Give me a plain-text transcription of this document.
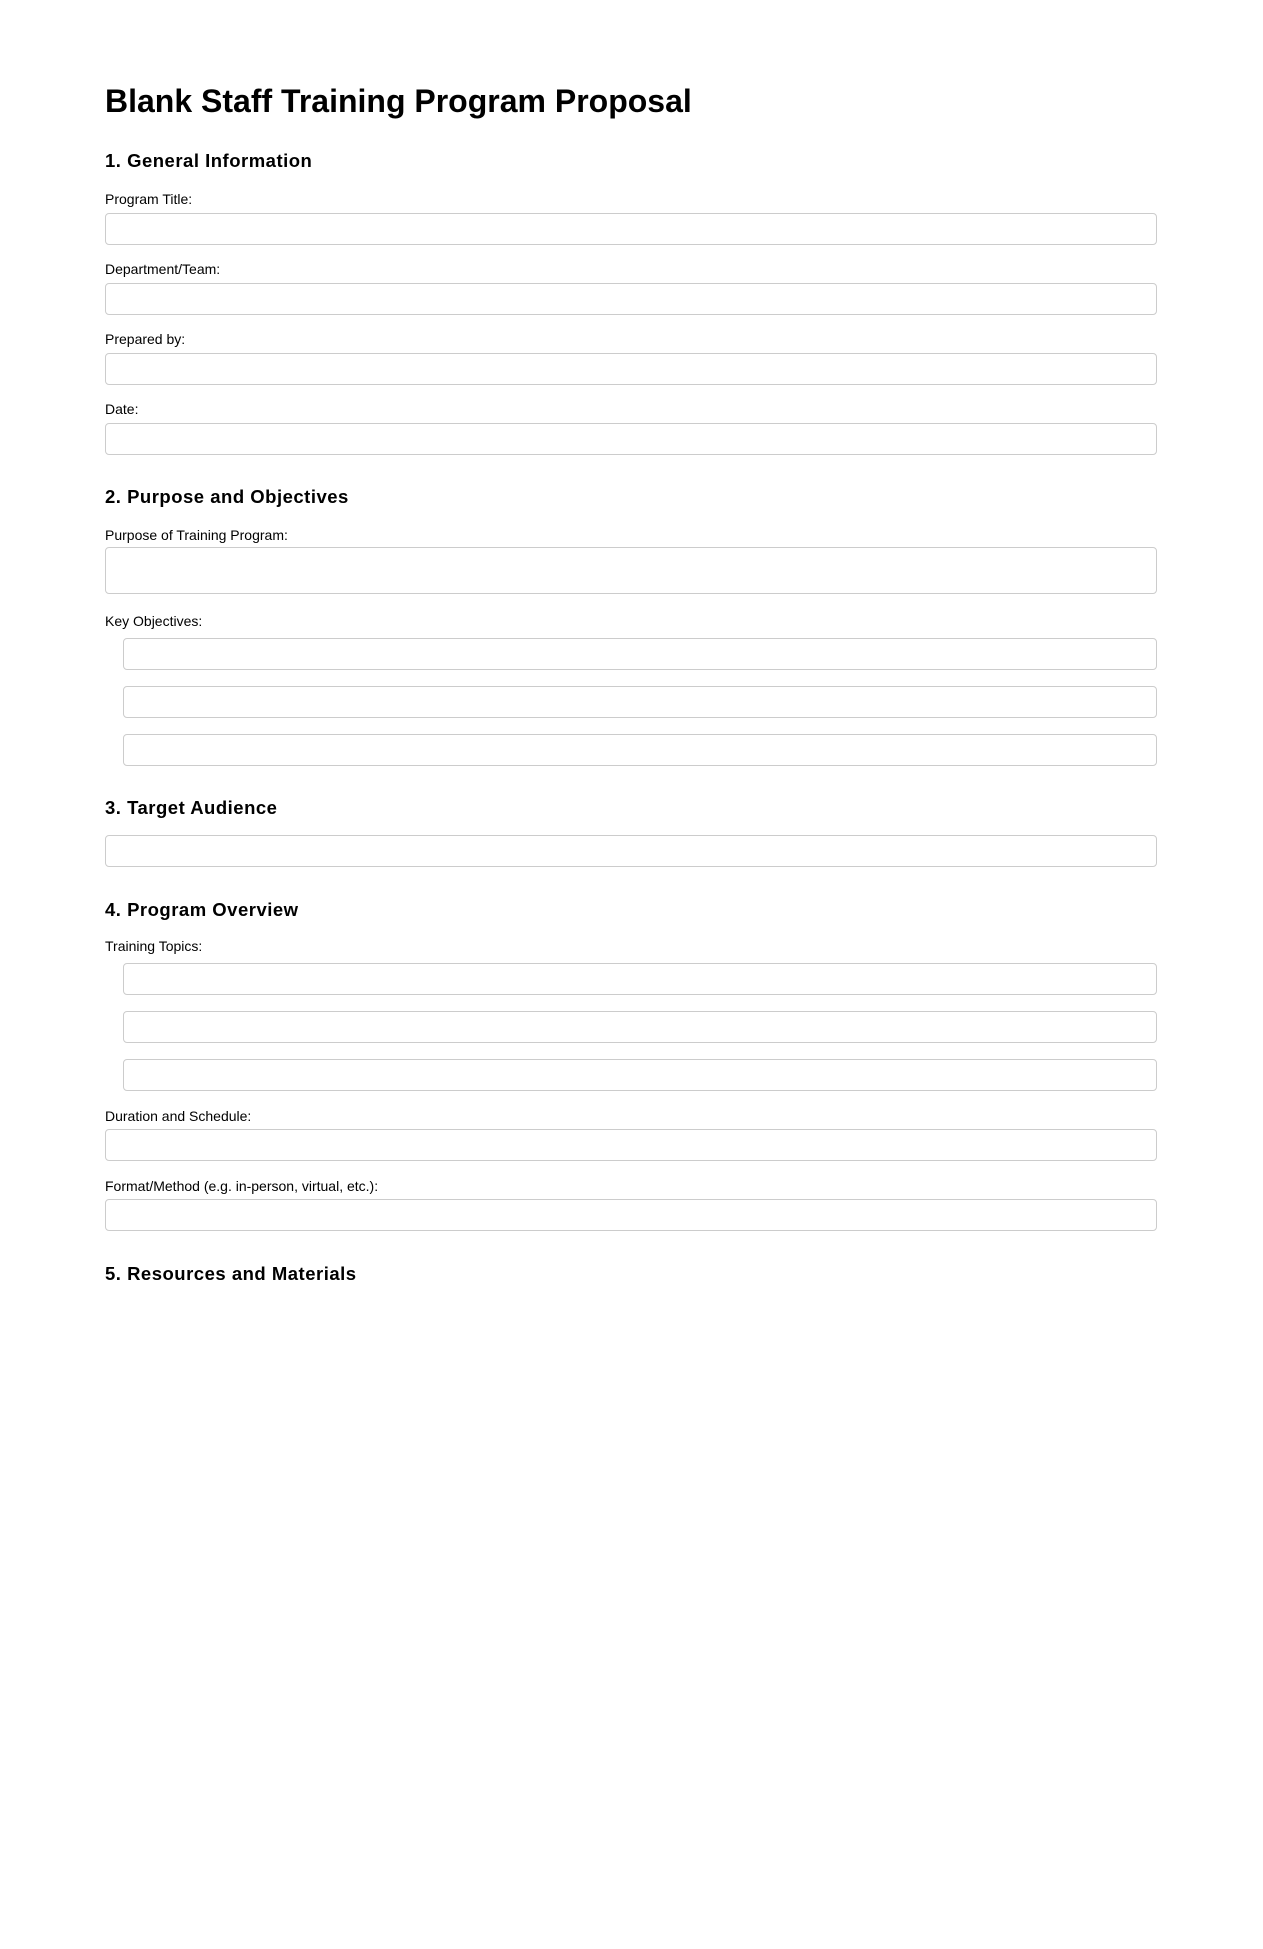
Blank Staff Training Program Proposal
1. General Information
Program Title:
Department/Team:
Prepared by:
Date:
2. Purpose and Objectives
Purpose of Training Program:
Key Objectives:
3. Target Audience
4. Program Overview
Training Topics:
Duration and Schedule:
Format/Method (e.g. in-person, virtual, etc.):
5. Resources and Materials
